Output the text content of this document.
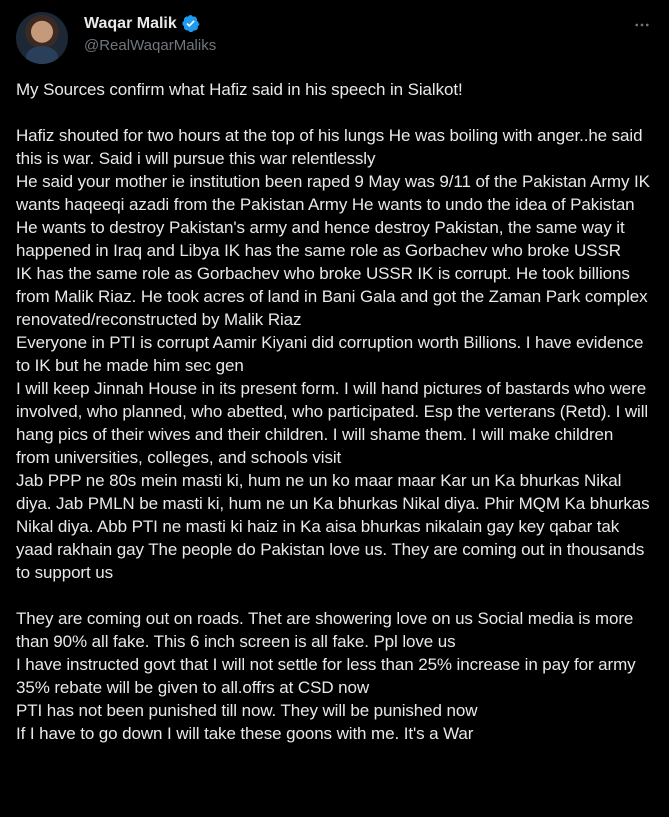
Waqar Malik
@RealWaqarMaliks

My Sources confirm what Hafiz said in his speech in Sialkot!

Hafiz shouted for two hours at the top of his lungs He was boiling with anger..he said this is war. Said i will pursue this war relentlessly

He said your mother ie institution been raped 9 May was 9/11 of the Pakistan Army IK wants haqeeqi azadi from the Pakistan Army He wants to undo the idea of Pakistan

He wants to destroy Pakistan's army and hence destroy Pakistan, the same way it happened in Iraq and Libya IK has the same role as Gorbachev who broke USSR

IK has the same role as Gorbachev who broke USSR IK is corrupt. He took billions from Malik Riaz. He took acres of land in Bani Gala and got the Zaman Park complex renovated/reconstructed by Malik Riaz

Everyone in PTI is corrupt Aamir Kiyani did corruption worth Billions. I have evidence to IK but he made him sec gen

I will keep Jinnah House in its present form. I will hand pictures of bastards who were involved, who planned, who abetted, who participated. Esp the verterans (Retd). I will hang pics of their wives and their children. I will shame them. I will make children from universities, colleges, and schools visit

Jab PPP ne 80s mein masti ki, hum ne un ko maar maar Kar un Ka bhurkas Nikal diya. Jab PMLN be masti ki, hum ne un Ka bhurkas Nikal diya. Phir MQM Ka bhurkas Nikal diya. Abb PTI ne masti ki haiz in Ka aisa bhurkas nikalain gay key qabar tak yaad rakhain gay The people do Pakistan love us. They are coming out in thousands to support us

They are coming out on roads. Thet are showering love on us Social media is more than 90% all fake. This 6 inch screen is all fake. Ppl love us

I have instructed govt that I will not settle for less than 25% increase in pay for army 35% rebate will be given to all.offrs at CSD now

PTI has not been punished till now. They will be punished now

If I have to go down I will take these goons with me. It's a War
